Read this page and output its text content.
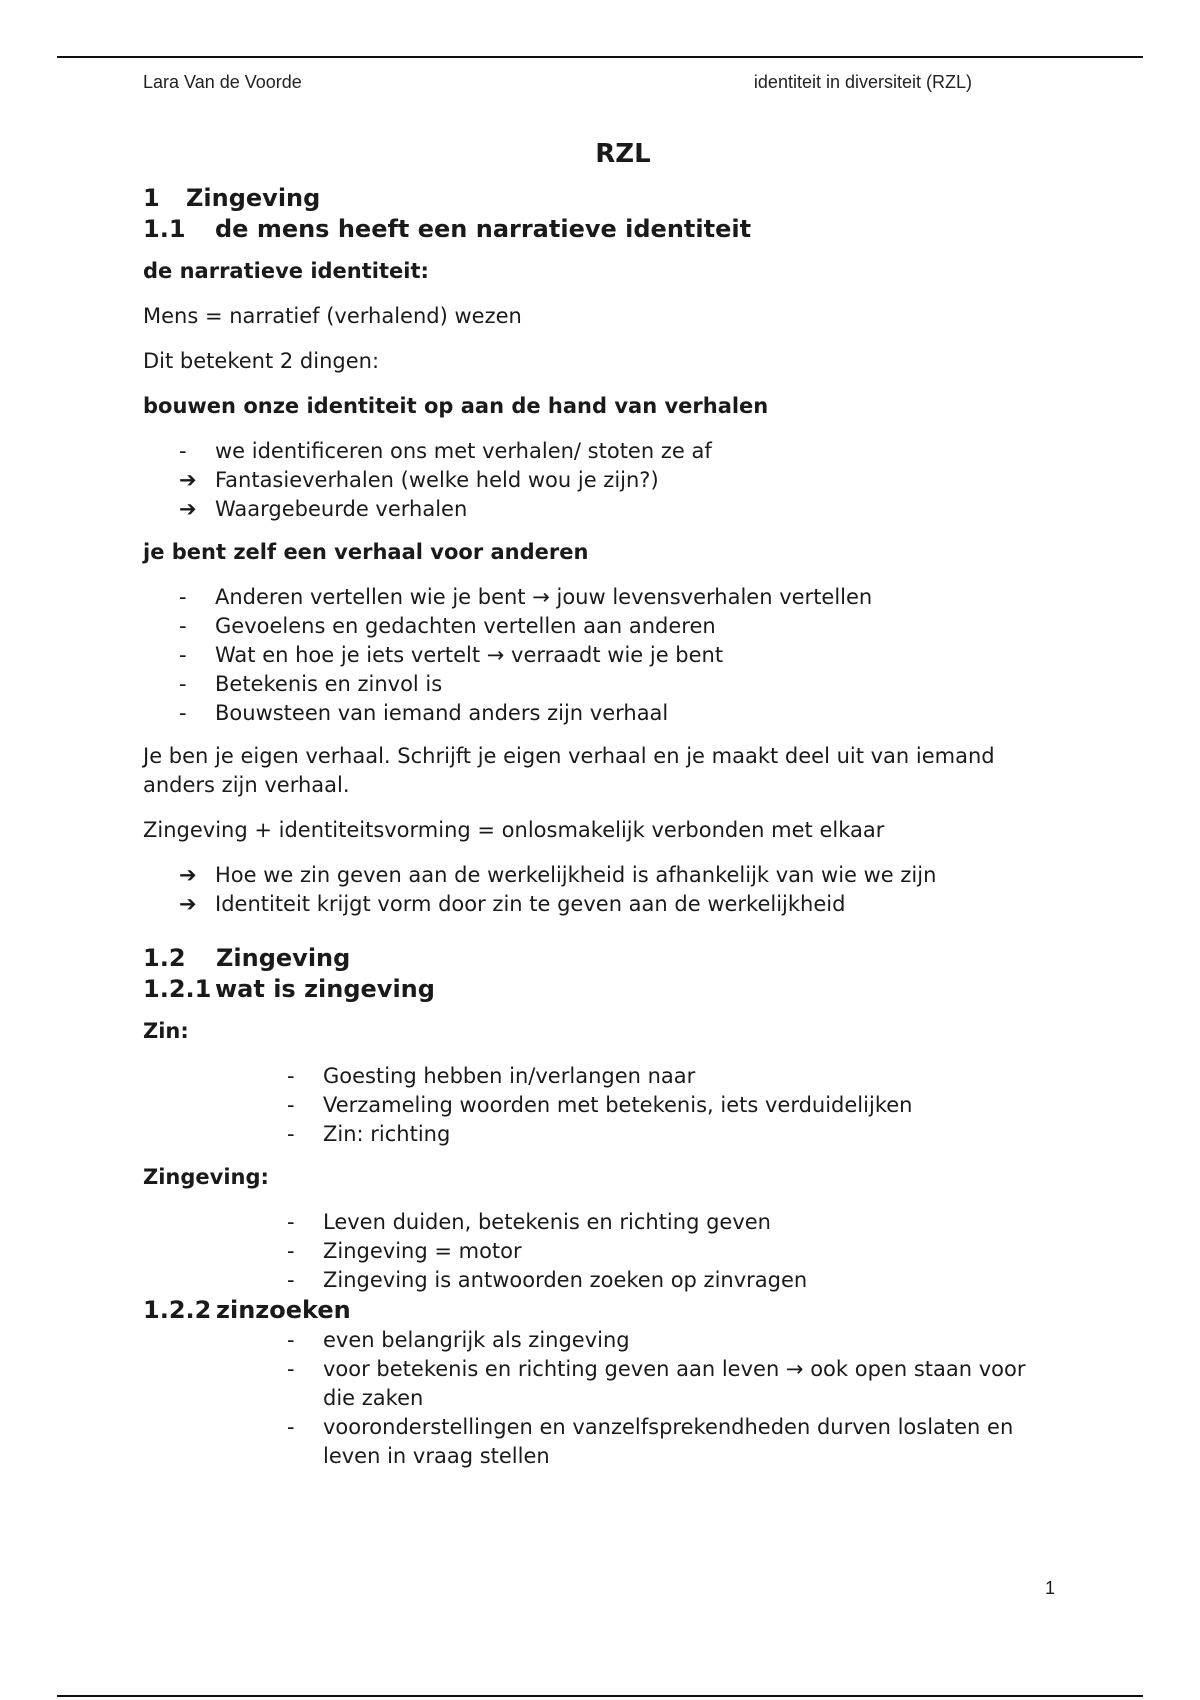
Lara Van de Voorde	identiteit in diversiteit (RZL)
RZL
1 Zingeving
1.1 de mens heeft een narratieve identiteit

de narratieve identiteit:

Mens = narratief (verhalend) wezen

Dit betekent 2 dingen:

bouwen onze identiteit op aan de hand van verhalen

- we identificeren ons met verhalen/ stoten ze af
➔ Fantasieverhalen (welke held wou je zijn?)
➔ Waargebeurde verhalen

je bent zelf een verhaal voor anderen

- Anderen vertellen wie je bent → jouw levensverhalen vertellen
- Gevoelens en gedachten vertellen aan anderen
- Wat en hoe je iets vertelt → verraadt wie je bent
- Betekenis en zinvol is
- Bouwsteen van iemand anders zijn verhaal

Je ben je eigen verhaal. Schrijft je eigen verhaal en je maakt deel uit van iemand anders zijn verhaal.

Zingeving + identiteitsvorming = onlosmakelijk verbonden met elkaar

➔ Hoe we zin geven aan de werkelijkheid is afhankelijk van wie we zijn
➔ Identiteit krijgt vorm door zin te geven aan de werkelijkheid
1.2 Zingeving
1.2.1 wat is zingeving

Zin:

- Goesting hebben in/verlangen naar
- Verzameling woorden met betekenis, iets verduidelijken
- Zin: richting

Zingeving:

- Leven duiden, betekenis en richting geven
- Zingeving = motor
- Zingeving is antwoorden zoeken op zinvragen
1.2.2 zinzoeken
- even belangrijk als zingeving
- voor betekenis en richting geven aan leven → ook open staan voor die zaken
- vooronderstellingen en vanzelfsprekendheden durven loslaten en leven in vraag stellen
1
